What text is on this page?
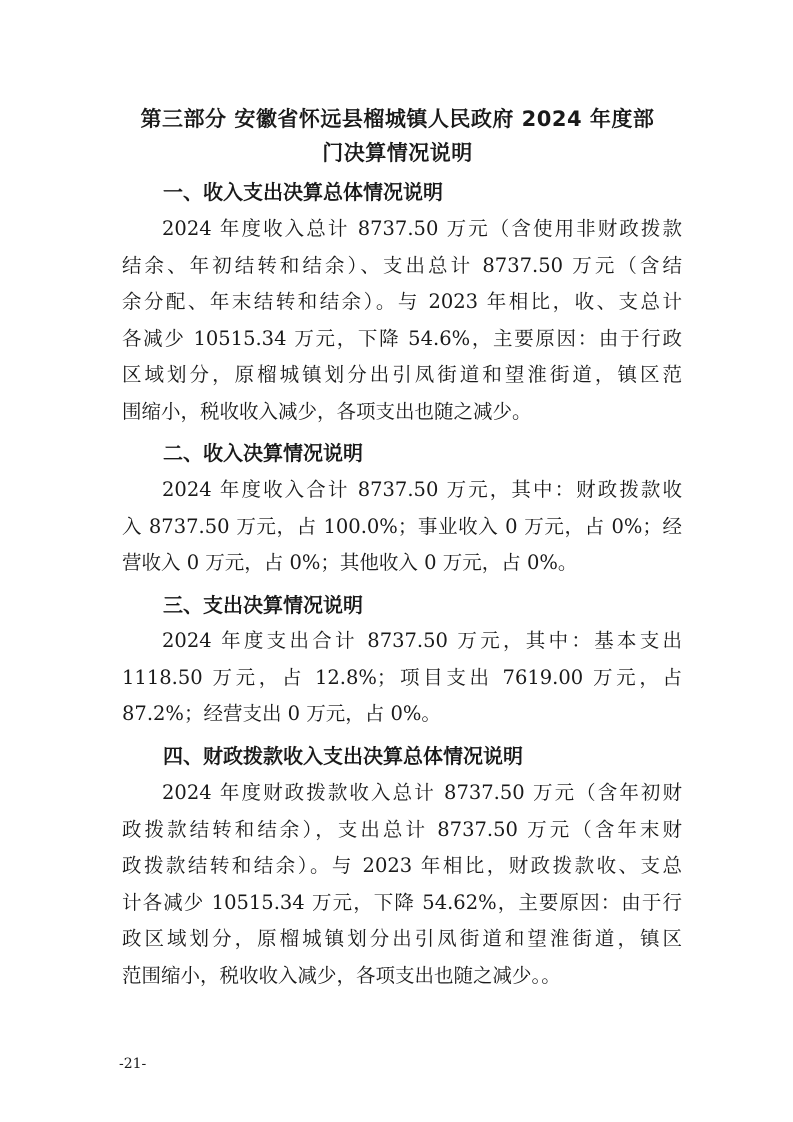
第三部分 安徽省怀远县榴城镇人民政府 2024 年度部
门决算情况说明
一、收入支出决算总体情况说明
2024 年度收入总计 8737.50 万元（含使用非财政拨款
结余、年初结转和结余）、支出总计 8737.50 万元（含结
余分配、年末结转和结余）。与 2023 年相比，收、支总计
各减少 10515.34 万元，下降 54.6%，主要原因：由于行政
区域划分，原榴城镇划分出引凤街道和望淮街道，镇区范
围缩小，税收收入减少，各项支出也随之减少。
二、收入决算情况说明
2024 年度收入合计 8737.50 万元，其中：财政拨款收
入 8737.50 万元，占 100.0%；事业收入 0 万元，占 0%；经
营收入 0 万元，占 0%；其他收入 0 万元，占 0%。
三、支出决算情况说明
2024 年度支出合计 8737.50 万元，其中：基本支出
1118.50 万元，占 12.8%；项目支出 7619.00 万元，占
87.2%；经营支出 0 万元，占 0%。
四、财政拨款收入支出决算总体情况说明
2024 年度财政拨款收入总计 8737.50 万元（含年初财
政拨款结转和结余），支出总计 8737.50 万元（含年末财
政拨款结转和结余）。与 2023 年相比，财政拨款收、支总
计各减少 10515.34 万元，下降 54.62%，主要原因：由于行
政区域划分，原榴城镇划分出引凤街道和望淮街道，镇区
范围缩小，税收收入减少，各项支出也随之减少。。
-21-
